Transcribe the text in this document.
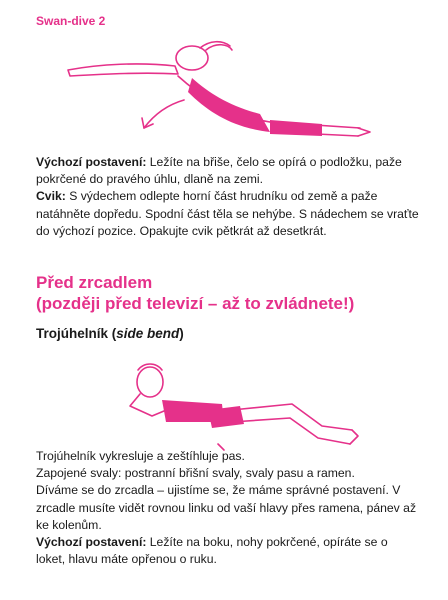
Swan-dive 2

Výchozí postavení: Ležíte na břiše, čelo se opírá o podložku, paže pokrčené do pravého úhlu, dlaně na zemi.
Cvik: S výdechem odlepte horní část hrudníku od země a paže natáhněte dopředu. Spodní část těla se nehýbe. S nádechem se vraťte do výchozí pozice. Opakujte cvik pětkrát až desetkrát.

Před zrcadlem
(později před televizí – až to zvládnete!)
Trojúhelník (side bend)

Trojúhelník vykresluje a zeštíhluje pas.
Zapojené svaly: postranní břišní svaly, svaly pasu a ramen.
Díváme se do zrcadla – ujistíme se, že máme správné postavení. V zrcadle musíte vidět rovnou linku od vaší hlavy přes ramena, pánev až ke kolenům.
Výchozí postavení: Ležíte na boku, nohy pokrčené, opíráte se o loket, hlavu máte opřenou o ruku.
